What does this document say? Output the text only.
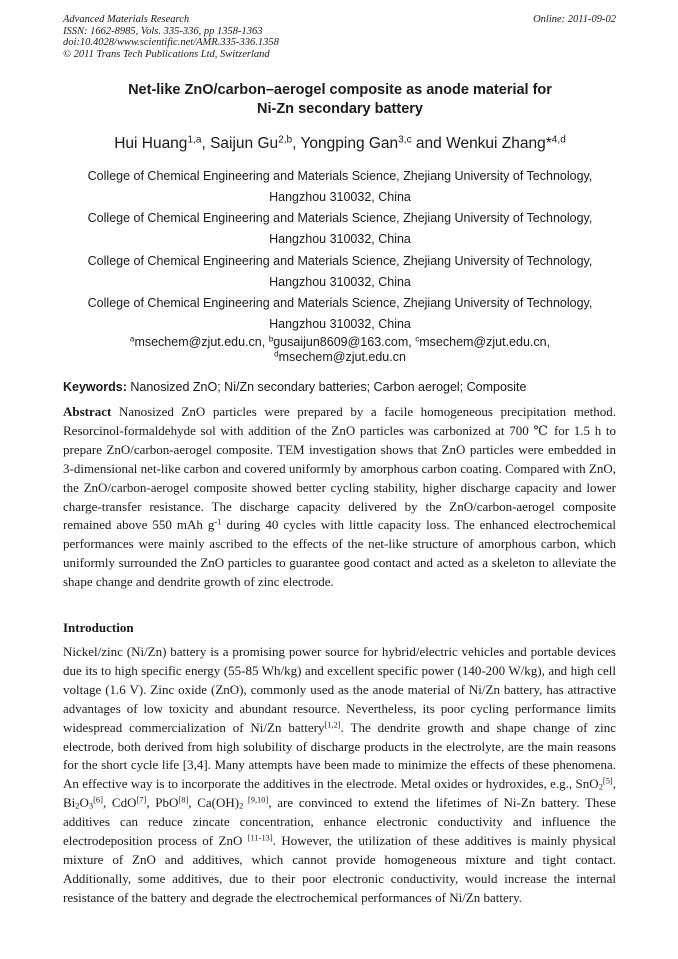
Advanced Materials Research
ISSN: 1662-8985, Vols. 335-336, pp 1358-1363
doi:10.4028/www.scientific.net/AMR.335-336.1358
© 2011 Trans Tech Publications Ltd, Switzerland
Online: 2011-09-02
Net-like ZnO/carbon–aerogel composite as anode material for
Ni-Zn secondary battery
Hui Huang$^{1,a}$, Saijun Gu$^{2,b}$, Yongping Gan$^{3,c}$ and Wenkui Zhang*$^{4,d}$
College of Chemical Engineering and Materials Science, Zhejiang University of Technology,
Hangzhou 310032, China
College of Chemical Engineering and Materials Science, Zhejiang University of Technology,
Hangzhou 310032, China
College of Chemical Engineering and Materials Science, Zhejiang University of Technology,
Hangzhou 310032, China
College of Chemical Engineering and Materials Science, Zhejiang University of Technology,
Hangzhou 310032, China
$^a$msechem@zjut.edu.cn, $^b$gusaijun8609@163.com, $^c$msechem@zjut.edu.cn,
$^d$msechem@zjut.edu.cn
Keywords: Nanosized ZnO; Ni/Zn secondary batteries; Carbon aerogel; Composite
Abstract Nanosized ZnO particles were prepared by a facile homogeneous precipitation method. Resorcinol-formaldehyde sol with addition of the ZnO particles was carbonized at 700 ℃ for 1.5 h to prepare ZnO/carbon-aerogel composite. TEM investigation shows that ZnO particles were embedded in 3-dimensional net-like carbon and covered uniformly by amorphous carbon coating. Compared with ZnO, the ZnO/carbon-aerogel composite showed better cycling stability, higher discharge capacity and lower charge-transfer resistance. The discharge capacity delivered by the ZnO/carbon-aerogel composite remained above 550 mAh $g^{-1}$ during 40 cycles with little capacity loss. The enhanced electrochemical performances were mainly ascribed to the effects of the net-like structure of amorphous carbon, which uniformly surrounded the ZnO particles to guarantee good contact and acted as a skeleton to alleviate the shape change and dendrite growth of zinc electrode.
Introduction
Nickel/zinc (Ni/Zn) battery is a promising power source for hybrid/electric vehicles and portable devices due its to high specific energy (55-85 Wh/kg) and excellent specific power (140-200 W/kg), and high cell voltage (1.6 V). Zinc oxide (ZnO), commonly used as the anode material of Ni/Zn battery, has attractive advantages of low toxicity and abundant resource. Nevertheless, its poor cycling performance limits widespread commercialization of Ni/Zn battery[1,2]. The dendrite growth and shape change of zinc electrode, both derived from high solubility of discharge products in the electrolyte, are the main reasons for the short cycle life [3,4]. Many attempts have been made to minimize the effects of these phenomena. An effective way is to incorporate the additives in the electrode. Metal oxides or hydroxides, e.g., SnO$_2$[5], $Bi_2O_3[6]$, CdO[7], PbO[8], $Ca(OH)_2$ [9,10], are convinced to extend the lifetimes of Ni-Zn battery. These additives can reduce zincate concentration, enhance electronic conductivity and influence the electrodeposition process of ZnO [11-13]. However, the utilization of these additives is mainly physical mixture of ZnO and additives, which cannot provide homogeneous mixture and tight contact. Additionally, some additives, due to their poor electronic conductivity, would increase the internal resistance of the battery and degrade the electrochemical performances of Ni/Zn battery.
